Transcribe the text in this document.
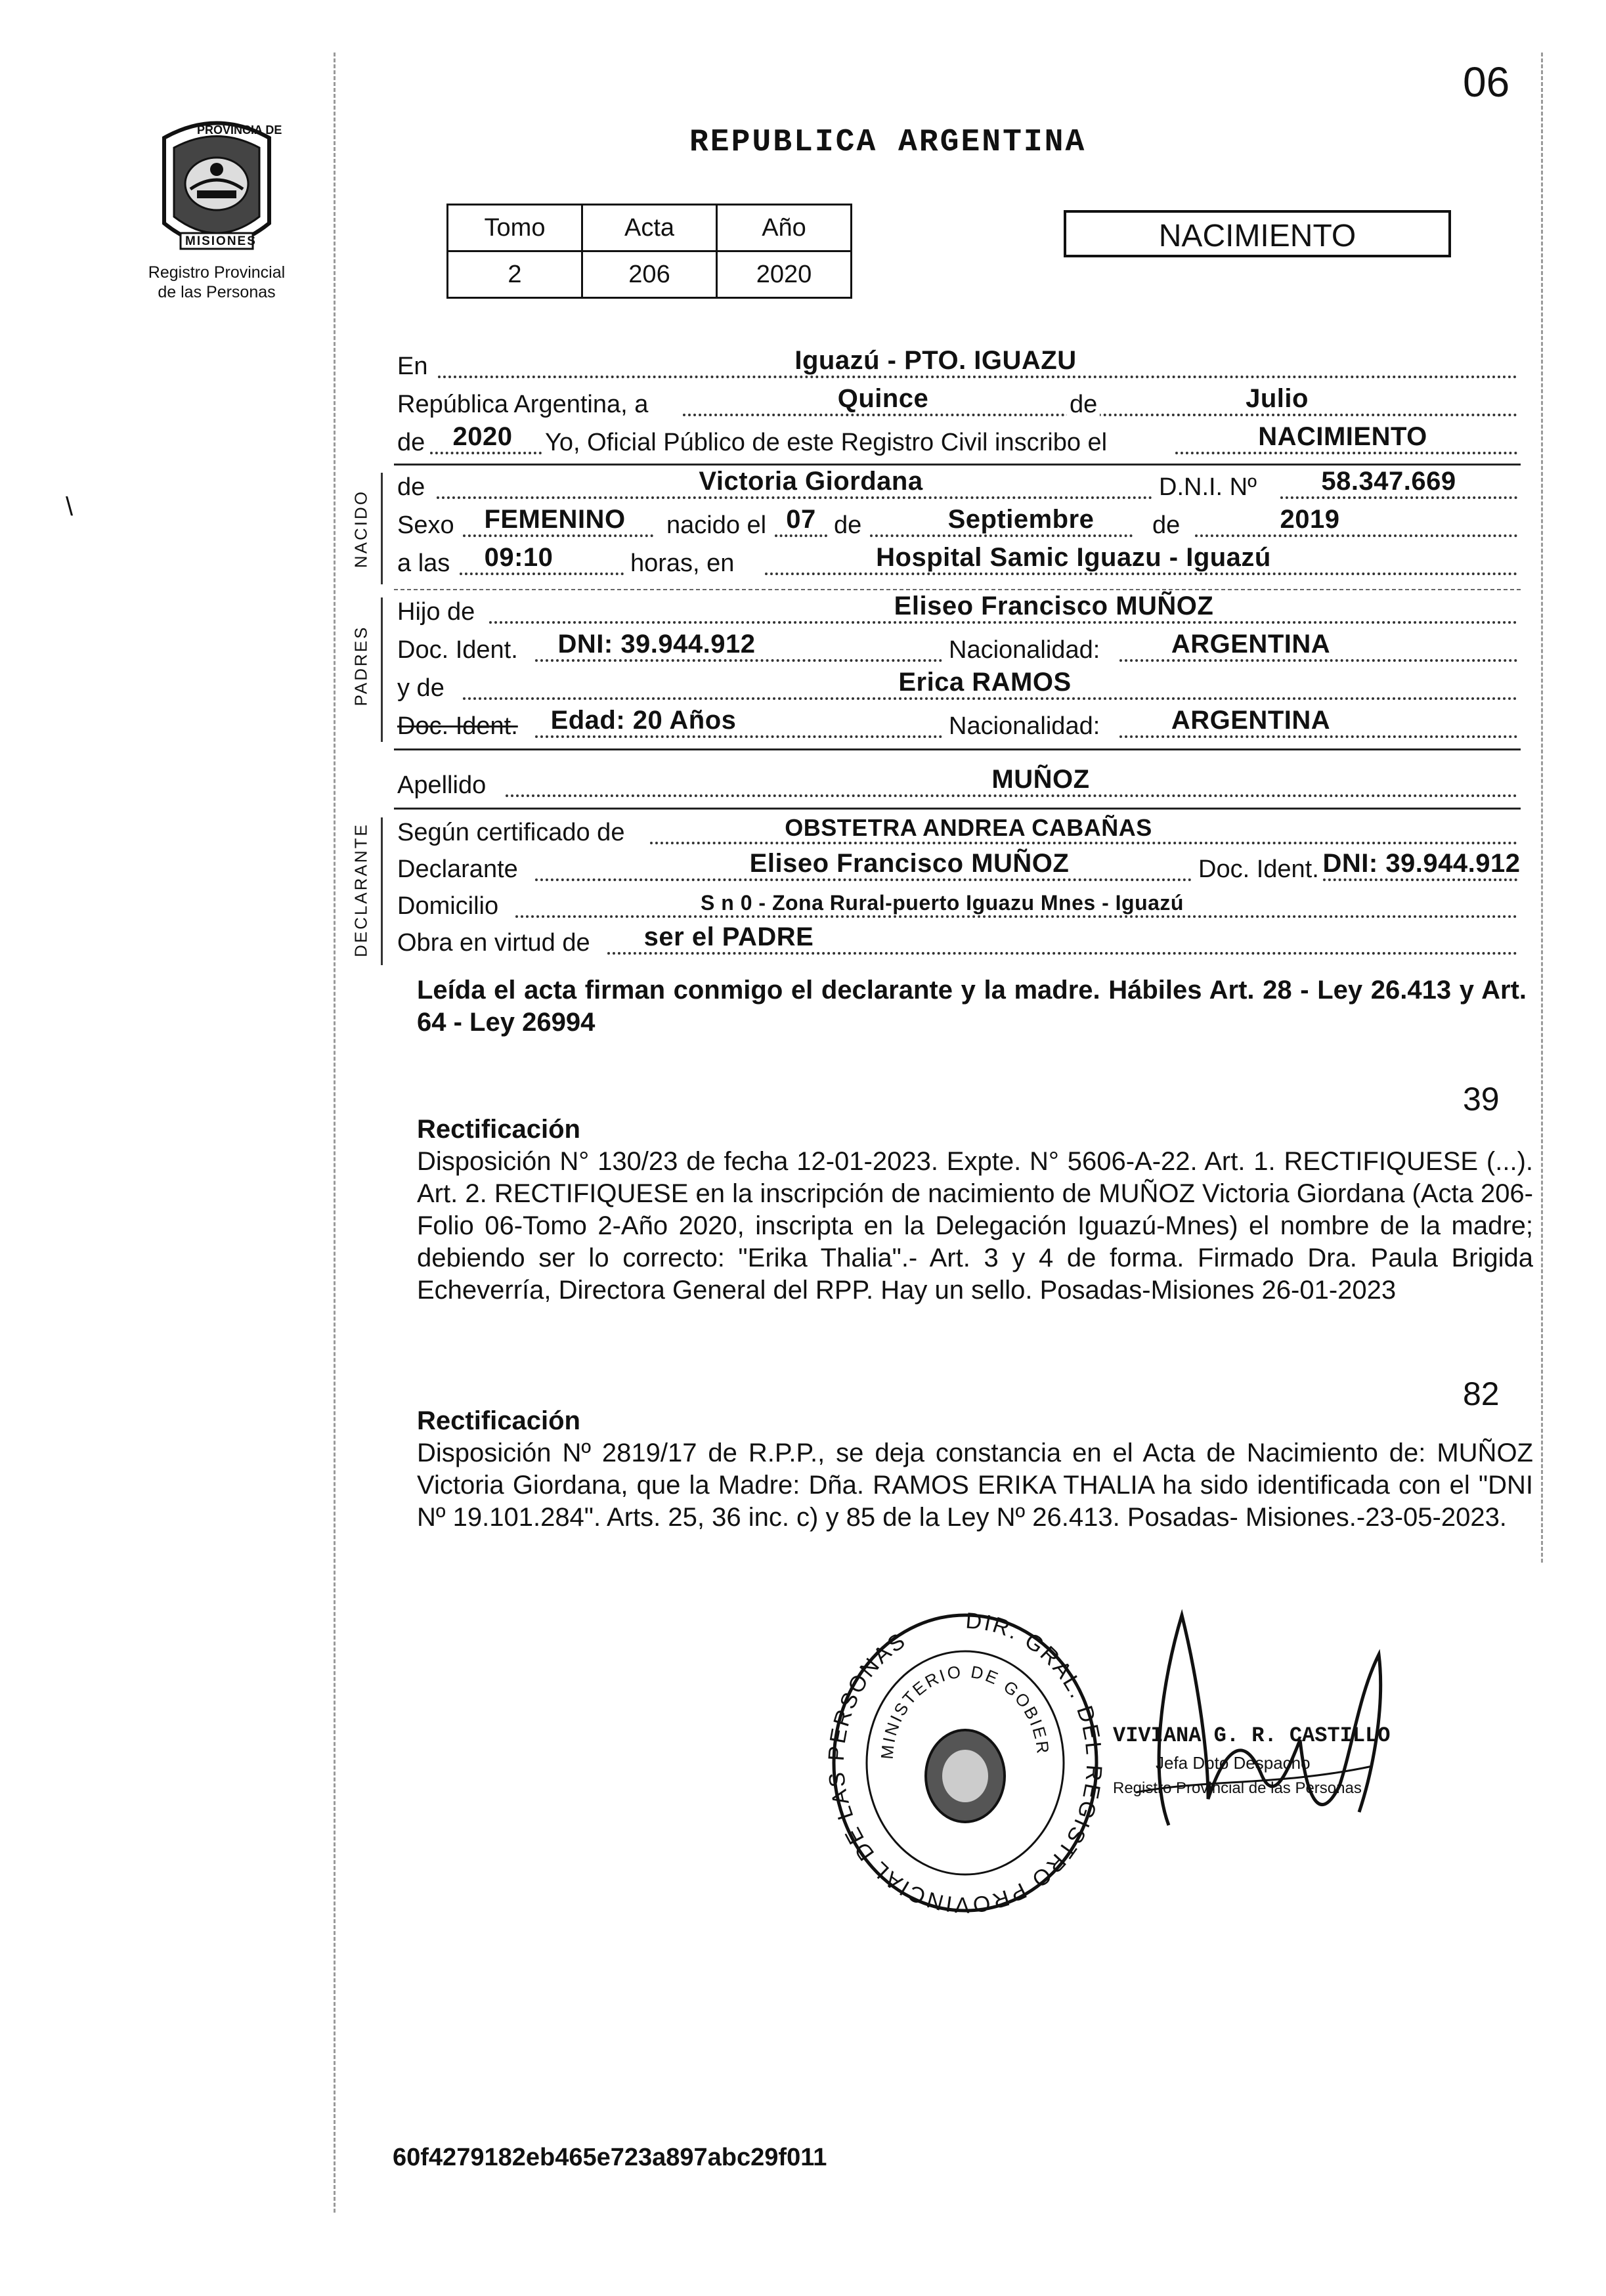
06
PROVINCIA DE
MISIONES
Registro Provincial
de las Personas
\
REPUBLICA ARGENTINA
Tomo	Acta	Año
2	206	2020
NACIMIENTO
En	Iguazú - PTO. IGUAZU
República Argentina, a	Quince	de	Julio
de 2020 Yo, Oficial Público de este Registro Civil inscribo el	NACIMIENTO
NACIDO
de	Victoria Giordana	D.N.I. Nº 58.347.669
Sexo FEMENINO nacido el 07 de	Septiembre de	2019
a las 09:10	horas, en	Hospital Samic Iguazu - Iguazú
PADRES
Hijo de	Eliseo Francisco MUÑOZ
Doc. Ident. DNI: 39.944.912	Nacionalidad:	ARGENTINA
y de	Erica RAMOS
Doc. Ident. Edad: 20 Años	Nacionalidad:	ARGENTINA
Apellido	MUÑOZ
DECLARANTE Según certificado de	OBSTETRA ANDREA CABAÑAS
Declarante	Eliseo Francisco MUÑOZ	Doc. Ident. DNI: 39.944.912
Domicilio	S n 0 - Zona Rural-puerto Iguazu Mnes - Iguazú
Obra en virtud de ser el PADRE
Leída el acta firman conmigo el declarante y la madre. Hábiles Art. 28 - Ley 26.413 y Art. 64 - Ley 26994
39
Rectificación
Disposición N° 130/23 de fecha 12-01-2023. Expte. N° 5606-A-22. Art. 1. RECTIFIQUESE (...). Art. 2. RECTIFIQUESE en la inscripción de nacimiento de MUÑOZ Victoria Giordana (Acta 206-Folio 06-Tomo 2-Año 2020, inscripta en la Delegación Iguazú-Mnes) el nombre de la madre; debiendo ser lo correcto: "Erika Thalia".- Art. 3 y 4 de forma. Firmado Dra. Paula Brigida Echeverría, Directora General del RPP. Hay un sello. Posadas-Misiones 26-01-2023
82
Rectificación
Disposición Nº 2819/17 de R.P.P., se deja constancia en el Acta de Nacimiento de: MUÑOZ Victoria Giordana, que la Madre: Dña. RAMOS ERIKA THALIA ha sido identificada con el "DNI Nº 19.101.284". Arts. 25, 36 inc. c) y 85 de la Ley Nº 26.413. Posadas- Misiones.-23-05-2023.
DIR. GRAL. DEL REGISTRO PROVINCIAL DE LAS PERSONAS
MINISTERIO DE GOBIER
VIVIANA G. R. CASTILLO
Jefa Dpto Despacho
Registro Provincial de las Personas
60f4279182eb465e723a897abc29f011
